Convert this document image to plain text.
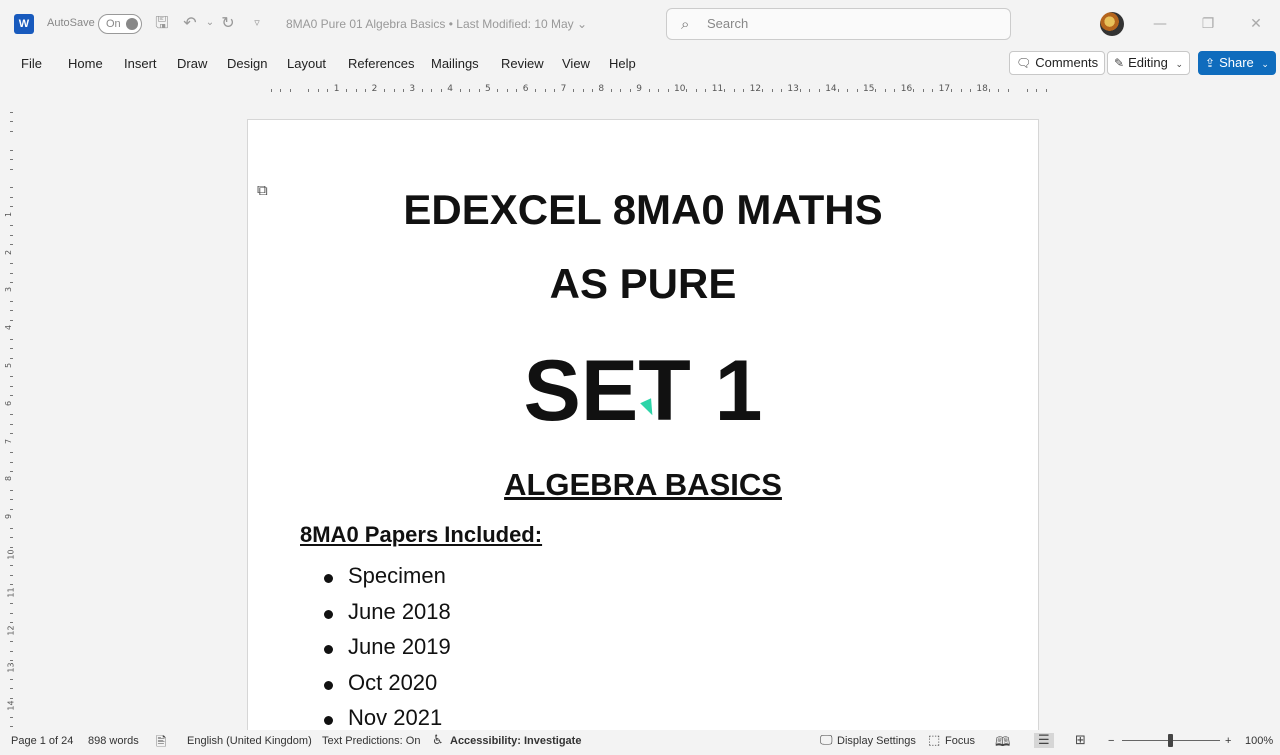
W	AutoSave On 🖫 ↶ ⌄ ↻	▿	8MA0 Pure 01 Algebra Basics • Last Modified: 10 May ⌄	⌕
Search	—	❐	✕
File Home Insert Draw Design Layout References Mailings Review View Help	🗨 Comments	✎ Editing ⌄	⇪ Share ⌄
1	2	3	4	5	6	7	8	9	10	11	12	13	14	15	16	17	18
1
2
3
4
5
6
7
8
9
10
11
12
13
14
⧉	EDEXCEL 8MA0 MATHS
AS PURE
SET 1
ALGEBRA BASICS
8MA0 Papers Included:
Specimen
June 2018
June 2019
Oct 2020
Nov 2021
Page 1 of 24 898 words 🖹 English (United Kingdom) Text Predictions: On ♿ Accessibility: Investigate	🖵 Display Settings ⬚ Focus 🕮	☰	⊞ −	+ 100%
